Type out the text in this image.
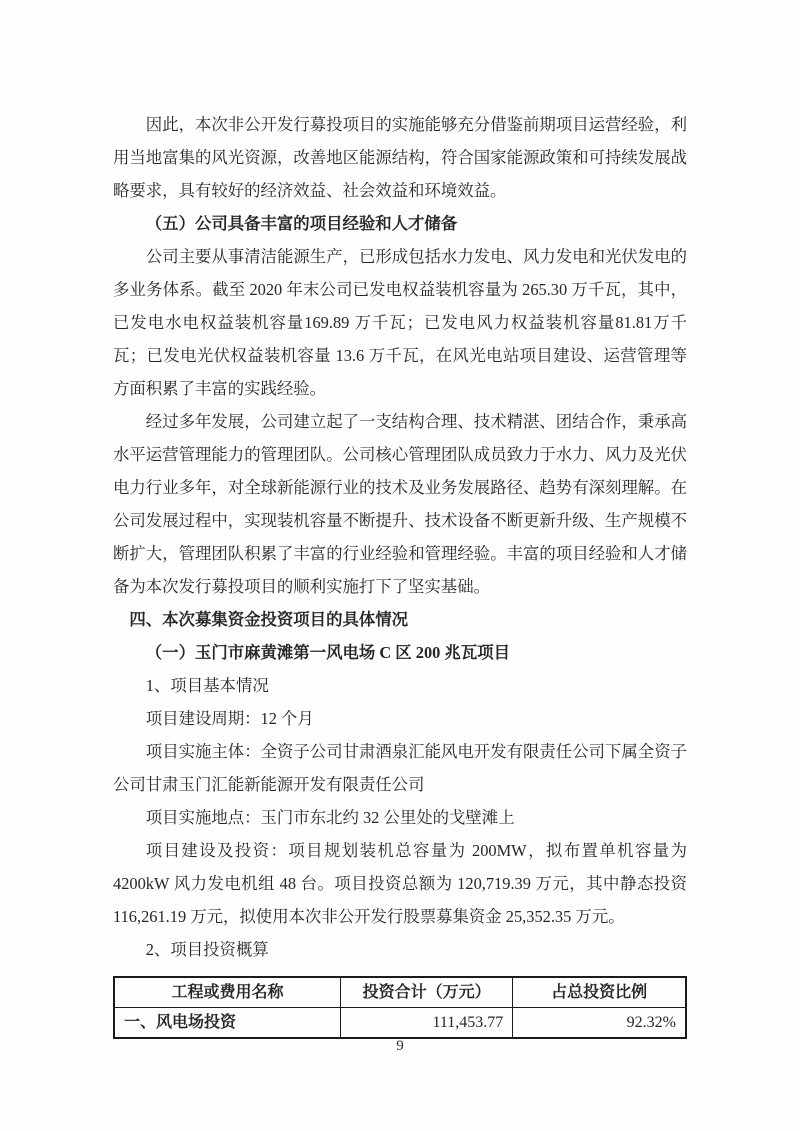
因此，本次非公开发行募投项目的实施能够充分借鉴前期项目运营经验，利用当地富集的风光资源，改善地区能源结构，符合国家能源政策和可持续发展战略要求，具有较好的经济效益、社会效益和环境效益。

（五）公司具备丰富的项目经验和人才储备

公司主要从事清洁能源生产，已形成包括水力发电、风力发电和光伏发电的多业务体系。截至 2020 年末公司已发电权益装机容量为 265.30 万千瓦，其中，已发电水电权益装机容量169.89 万千瓦；已发电风力权益装机容量81.81万千瓦；已发电光伏权益装机容量 13.6 万千瓦，在风光电站项目建设、运营管理等方面积累了丰富的实践经验。

经过多年发展，公司建立起了一支结构合理、技术精湛、团结合作，秉承高水平运营管理能力的管理团队。公司核心管理团队成员致力于水力、风力及光伏电力行业多年，对全球新能源行业的技术及业务发展路径、趋势有深刻理解。在公司发展过程中，实现装机容量不断提升、技术设备不断更新升级、生产规模不断扩大，管理团队积累了丰富的行业经验和管理经验。丰富的项目经验和人才储备为本次发行募投项目的顺利实施打下了坚实基础。

四、本次募集资金投资项目的具体情况

（一）玉门市麻黄滩第一风电场 C 区 200 兆瓦项目

1、项目基本情况

项目建设周期：12 个月

项目实施主体：全资子公司甘肃酒泉汇能风电开发有限责任公司下属全资子公司甘肃玉门汇能新能源开发有限责任公司

项目实施地点：玉门市东北约 32 公里处的戈壁滩上

项目建设及投资：项目规划装机总容量为 200MW，拟布置单机容量为4200kW 风力发电机组 48 台。项目投资总额为 120,719.39 万元，其中静态投资116,261.19 万元，拟使用本次非公开发行股票募集资金 25,352.35 万元。

2、项目投资概算

工程或费用名称	投资合计（万元）	占总投资比例
一、风电场投资	111,453.77	92.32%
9
